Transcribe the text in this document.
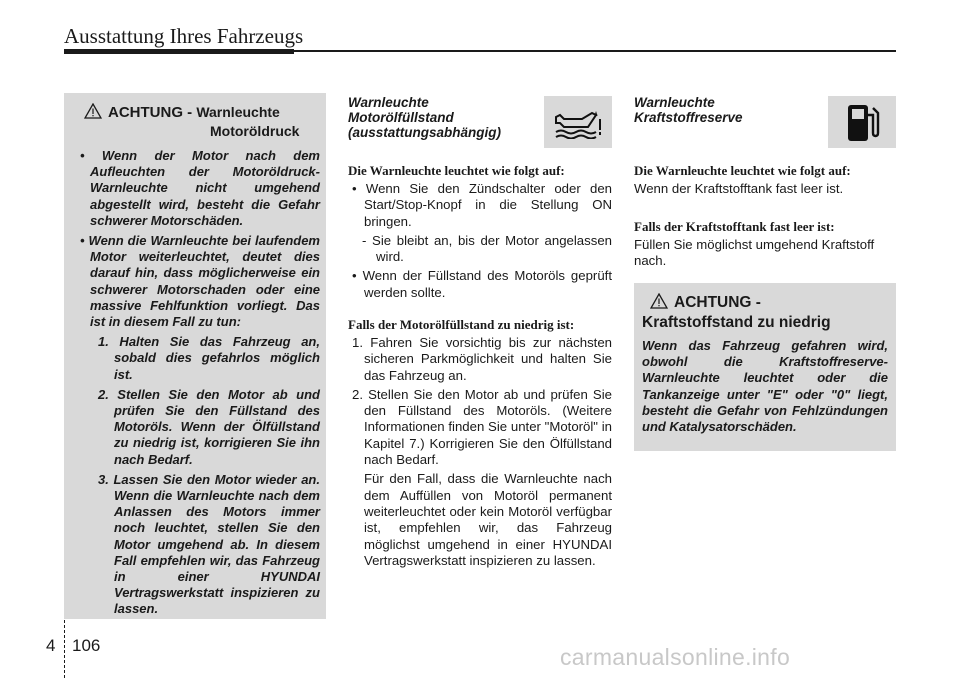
Ausstattung Ihres Fahrzeugs
ACHTUNG - Warnleuchte
Motoröldruck

• Wenn der Motor nach dem Aufleuchten der Motoröldruck-Warnleuchte nicht umgehend abgestellt wird, besteht die Gefahr schwerer Motorschäden.

• Wenn die Warnleuchte bei laufendem Motor weiterleuchtet, deutet dies darauf hin, dass möglicherweise ein schwerer Motorschaden oder eine massive Fehlfunktion vorliegt. Das ist in diesem Fall zu tun:

1. Halten Sie das Fahrzeug an, sobald dies gefahrlos möglich ist.

2. Stellen Sie den Motor ab und prüfen Sie den Füllstand des Motoröls. Wenn der Ölfüllstand zu niedrig ist, korrigieren Sie ihn nach Bedarf.

3. Lassen Sie den Motor wieder an. Wenn die Warnleuchte nach dem Anlassen des Motors immer noch leuchtet, stellen Sie den Motor umgehend ab. In diesem Fall empfehlen wir, das Fahrzeug in einer HYUNDAI Vertragswerkstatt inspizieren zu lassen.

Warnleuchte
Motorölfüllstand
(ausstattungsabhängig)
Die Warnleuchte leuchtet wie folgt auf:

• Wenn Sie den Zündschalter oder den Start/Stop-Knopf in die Stellung ON bringen.

- Sie bleibt an, bis der Motor angelassen wird.

• Wenn der Füllstand des Motoröls geprüft werden sollte.

Falls der Motorölfüllstand zu niedrig ist:

1. Fahren Sie vorsichtig bis zur nächsten sicheren Parkmöglichkeit und halten Sie das Fahrzeug an.

2. Stellen Sie den Motor ab und prüfen Sie den Füllstand des Motoröls. (Weitere Informationen finden Sie unter "Motoröl" in Kapitel 7.) Korrigieren Sie den Ölfüllstand nach Bedarf.

Für den Fall, dass die Warnleuchte nach dem Auffüllen von Motoröl permanent weiterleuchtet oder kein Motoröl verfügbar ist, empfehlen wir, das Fahrzeug möglichst umgehend in einer HYUNDAI Vertragswerkstatt inspizieren zu lassen.

Warnleuchte
Kraftstoffreserve
Die Warnleuchte leuchtet wie folgt auf:
Wenn der Kraftstofftank fast leer ist.
Falls der Kraftstofftank fast leer ist:
Füllen Sie möglichst umgehend Kraftstoff nach.
ACHTUNG -
Kraftstoffstand zu niedrig
Wenn das Fahrzeug gefahren wird, obwohl die Kraftstoffreserve-Warnleuchte leuchtet oder die Tankanzeige unter "E" oder "0" liegt, besteht die Gefahr von Fehlzündungen und Katalysatorschäden.
4 106	carmanualsonline.info
